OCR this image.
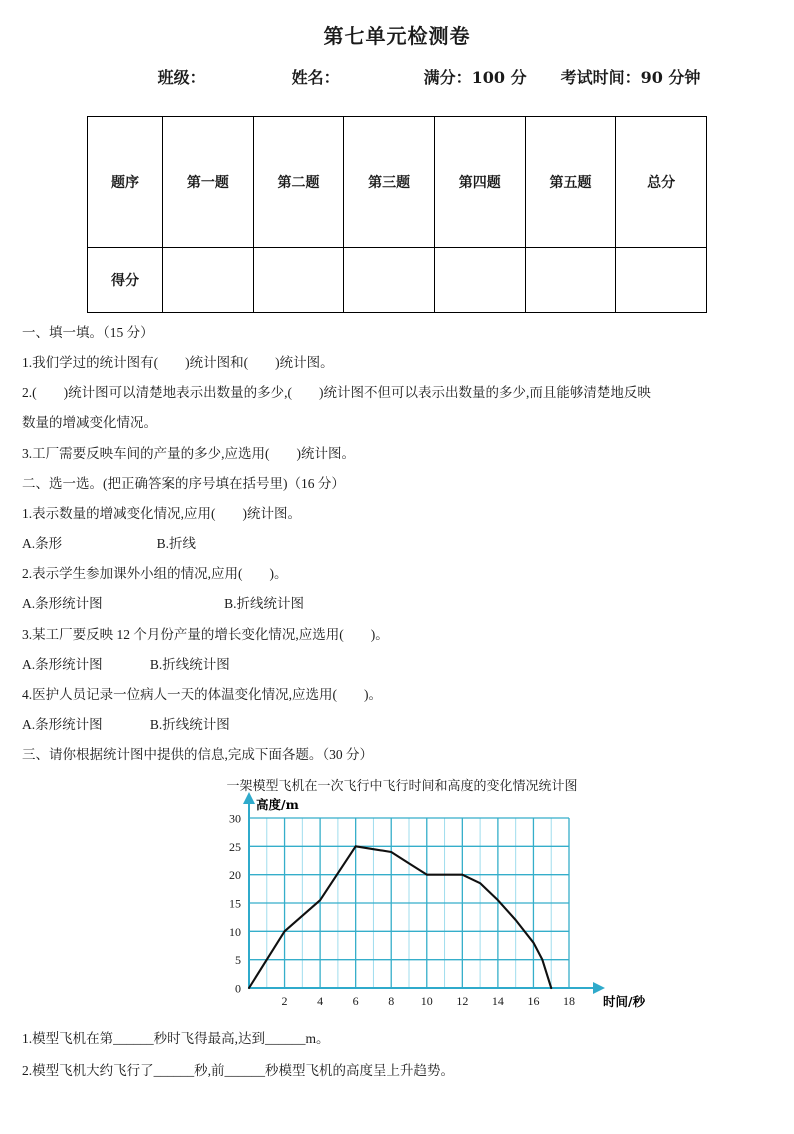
第七单元检测卷
班级：	姓名：	满分：100 分 考试时间：90 分钟
题序	第一题	第二题	第三题	第四题	第五题	总分
得分						
一、填一填。（15 分）
1.我们学过的统计图有(        )统计图和(        )统计图。
2.(        )统计图可以清楚地表示出数量的多少,(        )统计图不但可以表示出数量的多少,而且能够清楚地反映
数量的增减变化情况。
3.工厂需要反映车间的产量的多少,应选用(        )统计图。
二、选一选。(把正确答案的序号填在括号里)（16 分）
1.表示数量的增减变化情况,应用(        )统计图。
A.条形                            B.折线
2.表示学生参加课外小组的情况,应用(        )。
A.条形统计图                                    B.折线统计图
3.某工厂要反映 12 个月份产量的增长变化情况,应选用(        )。
A.条形统计图              B.折线统计图
4.医护人员记录一位病人一天的体温变化情况,应选用(        )。
A.条形统计图              B.折线统计图
三、请你根据统计图中提供的信息,完成下面各题。（30 分）
一架模型飞机在一次飞行中飞行时间和高度的变化情况统计图
0
5
10
15
20
25
30
2 4 6 8 10 12 14 16 18
高度/m
时间/秒
1.模型飞机在第______秒时飞得最高,达到______m。
2.模型飞机大约飞行了______秒,前______秒模型飞机的高度呈上升趋势。
